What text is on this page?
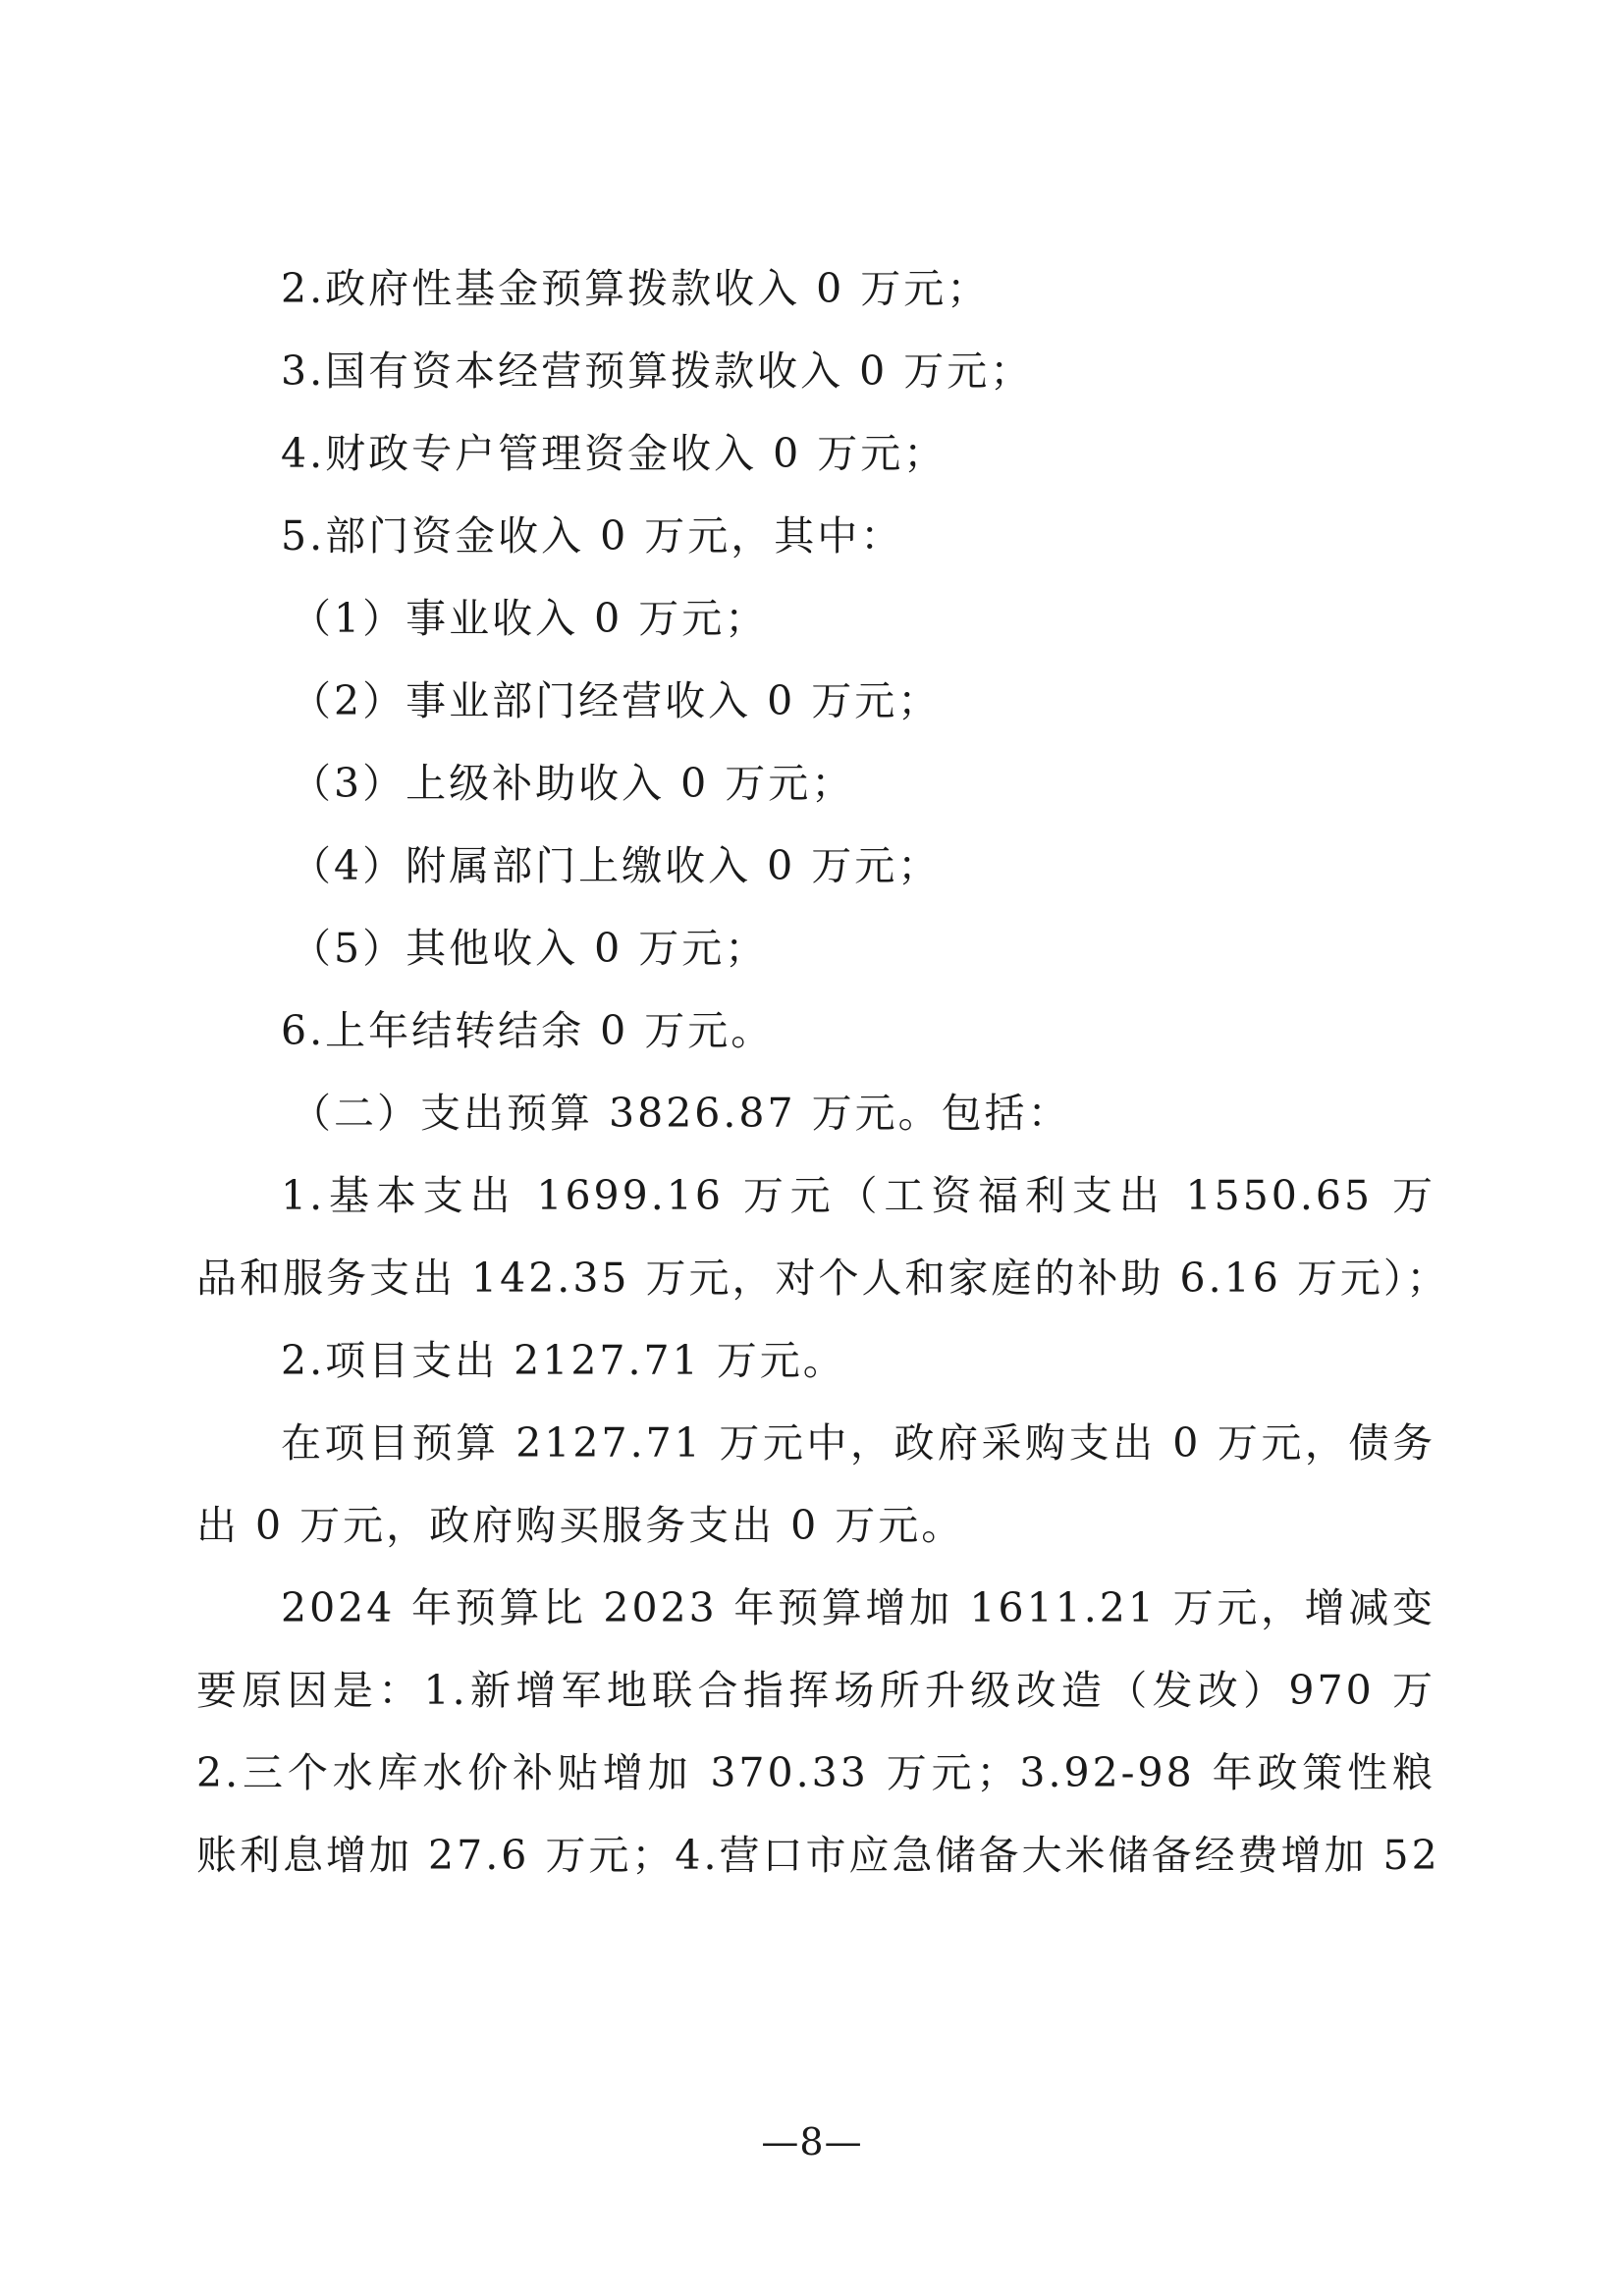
2.政府性基金预算拨款收入 0 万元；
3.国有资本经营预算拨款收入 0 万元；
4.财政专户管理资金收入 0 万元；
5.部门资金收入 0 万元，其中：
（1）事业收入 0 万元；
（2）事业部门经营收入 0 万元；
（3）上级补助收入 0 万元；
（4）附属部门上缴收入 0 万元；
（5）其他收入 0 万元；
6.上年结转结余 0 万元。
（二）支出预算 3826.87 万元。包括：
1.基本支出 1699.16 万元（工资福利支出 1550.65 万
品和服务支出 142.35 万元，对个人和家庭的补助 6.16 万元）；
2.项目支出 2127.71 万元。
在项目预算 2127.71 万元中，政府采购支出 0 万元，债务
出 0 万元，政府购买服务支出 0 万元。
2024 年预算比 2023 年预算增加 1611.21 万元，增减变
要原因是：1.新增军地联合指挥场所升级改造（发改）970 万
2.三个水库水价补贴增加 370.33 万元；3.92-98 年政策性粮
账利息增加 27.6 万元；4.营口市应急储备大米储备经费增加 52
—8—
